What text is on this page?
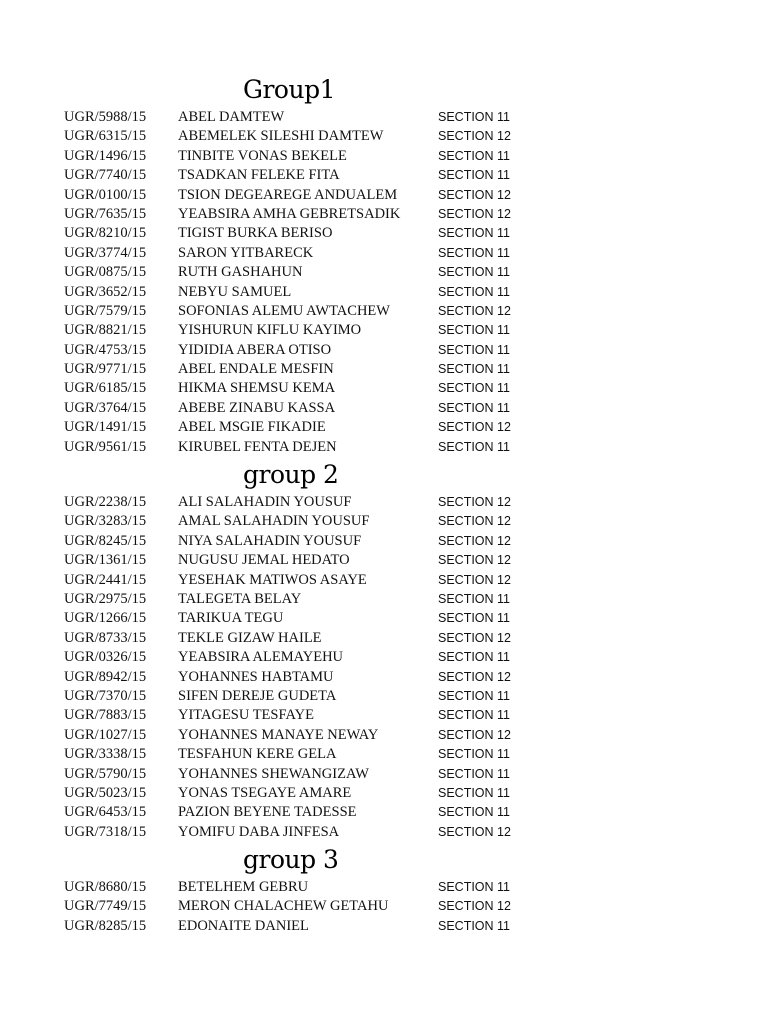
Group1
UGR/5988/15 ABEL DAMTEW	SECTION 11
UGR/6315/15 ABEMELEK SILESHI DAMTEW	SECTION 12
UGR/1496/15 TINBITE VONAS BEKELE	SECTION 11
UGR/7740/15 TSADKAN FELEKE FITA	SECTION 11
UGR/0100/15 TSION DEGEAREGE ANDUALEM	SECTION 12
UGR/7635/15 YEABSIRA AMHA GEBRETSADIK	SECTION 12
UGR/8210/15 TIGIST BURKA BERISO	SECTION 11
UGR/3774/15 SARON YITBARECK	SECTION 11
UGR/0875/15 RUTH GASHAHUN	SECTION 11
UGR/3652/15 NEBYU SAMUEL	SECTION 11
UGR/7579/15 SOFONIAS ALEMU AWTACHEW	SECTION 12
UGR/8821/15 YISHURUN KIFLU KAYIMO	SECTION 11
UGR/4753/15 YIDIDIA ABERA OTISO	SECTION 11
UGR/9771/15 ABEL ENDALE MESFIN	SECTION 11
UGR/6185/15 HIKMA SHEMSU KEMA	SECTION 11
UGR/3764/15 ABEBE ZINABU KASSA	SECTION 11
UGR/1491/15 ABEL MSGIE FIKADIE	SECTION 12
UGR/9561/15 KIRUBEL FENTA DEJEN	SECTION 11
group 2
UGR/2238/15 ALI SALAHADIN YOUSUF	SECTION 12
UGR/3283/15 AMAL SALAHADIN YOUSUF	SECTION 12
UGR/8245/15 NIYA SALAHADIN YOUSUF	SECTION 12
UGR/1361/15 NUGUSU JEMAL HEDATO	SECTION 12
UGR/2441/15 YESEHAK MATIWOS ASAYE	SECTION 12
UGR/2975/15 TALEGETA BELAY	SECTION 11
UGR/1266/15 TARIKUA TEGU	SECTION 11
UGR/8733/15 TEKLE GIZAW HAILE	SECTION 12
UGR/0326/15 YEABSIRA ALEMAYEHU	SECTION 11
UGR/8942/15 YOHANNES HABTAMU	SECTION 12
UGR/7370/15 SIFEN DEREJE GUDETA	SECTION 11
UGR/7883/15 YITAGESU TESFAYE	SECTION 11
UGR/1027/15 YOHANNES MANAYE NEWAY	SECTION 12
UGR/3338/15 TESFAHUN KERE GELA	SECTION 11
UGR/5790/15 YOHANNES SHEWANGIZAW	SECTION 11
UGR/5023/15 YONAS TSEGAYE AMARE	SECTION 11
UGR/6453/15 PAZION BEYENE TADESSE	SECTION 11
UGR/7318/15 YOMIFU DABA JINFESA	SECTION 12
group 3
UGR/8680/15 BETELHEM GEBRU	SECTION 11
UGR/7749/15 MERON CHALACHEW GETAHU	SECTION 12
UGR/8285/15 EDONAITE DANIEL	SECTION 11
